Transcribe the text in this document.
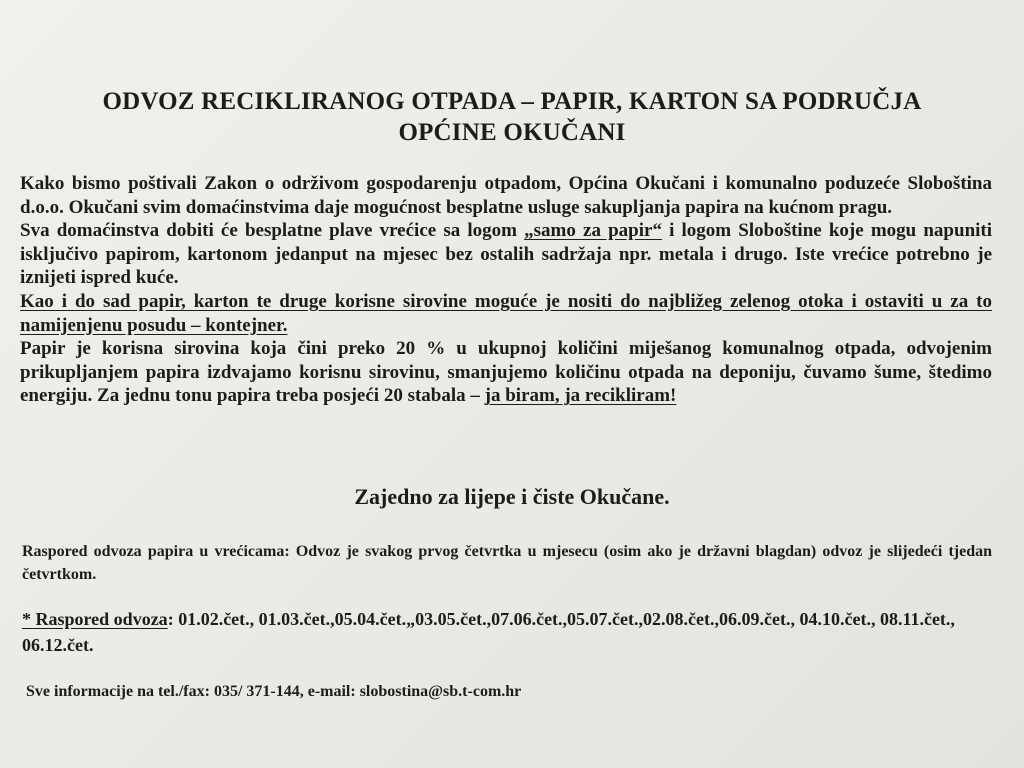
ODVOZ RECIKLIRANOG OTPADA – PAPIR, KARTON SA PODRUČJA
OPĆINE OKUČANI

Kako bismo poštivali Zakon o održivom gospodarenju otpadom, Općina Okučani i komunalno poduzeće Sloboština d.o.o. Okučani svim domaćinstvima daje mogućnost besplatne usluge sakupljanja papira na kućnom pragu.

Sva domaćinstva dobiti će besplatne plave vrećice sa logom „samo za papir“ i logom Sloboštine koje mogu napuniti isključivo papirom, kartonom jedanput na mjesec bez ostalih sadržaja npr. metala i drugo. Iste vrećice potrebno je iznijeti ispred kuće.

Kao i do sad papir, karton te druge korisne sirovine moguće je nositi do najbližeg zelenog otoka i ostaviti u za to namijenjenu posudu – kontejner.

Papir je korisna sirovina koja čini preko 20 % u ukupnoj količini miješanog komunalnog otpada, odvojenim prikupljanjem papira izdvajamo korisnu sirovinu, smanjujemo količinu otpada na deponiju, čuvamo šume, štedimo energiju. Za jednu tonu papira treba posjeći 20 stabala – ja biram, ja recikliram!

Zajedno za lijepe i čiste Okučane.
Raspored odvoza papira u vrećicama: Odvoz je svakog prvog četvrtka u mjesecu (osim ako je državni blagdan) odvoz je slijedeći tjedan četvrtkom.
* Raspored odvoza: 01.02.čet., 01.03.čet.,05.04.čet.„03.05.čet.,07.06.čet.,05.07.čet.,02.08.čet.,06.09.čet., 04.10.čet., 08.11.čet., 06.12.čet.
Sve informacije na tel./fax: 035/ 371-144, e-mail: slobostina@sb.t-com.hr
